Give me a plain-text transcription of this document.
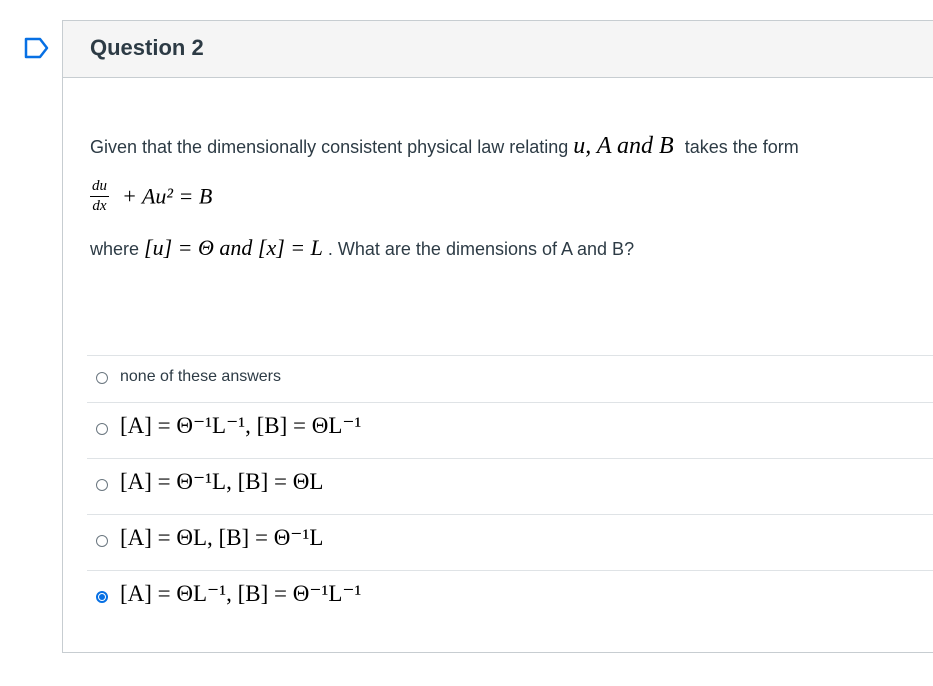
Question 2
Given that the dimensionally consistent physical law relating u, A and B takes the form
$\frac{du}{dx} + Au^2 = B$
where [u] = Θ and [x] = L . What are the dimensions of A and B?
none of these answers
[A] = Θ⁻¹L⁻¹, [B] = ΘL⁻¹
[A] = Θ⁻¹L, [B] = ΘL
[A] = ΘL, [B] = Θ⁻¹L
[A] = ΘL⁻¹, [B] = Θ⁻¹L⁻¹
